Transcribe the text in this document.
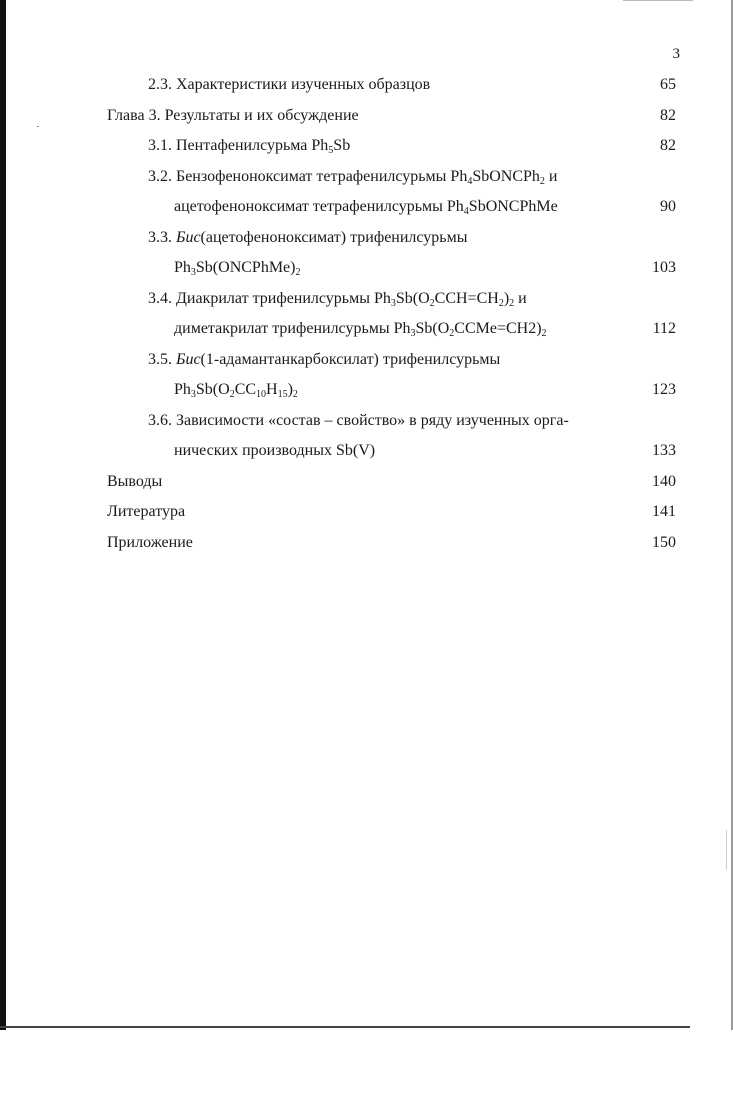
3
2.3. Характеристики изученных образцов	65
Глава 3. Результаты и их обсуждение	82
3.1. Пентафенилсурьма $Ph_5Sb$	82
3.2. Бензофеноноксимат тетрафенилсурьмы $Ph_4SbONCPh_2$ и
ацетофеноноксимат тетрафенилсурьмы $Ph_4SbONCPhMe$	90
3.3. Бис(ацетофеноноксимат) трифенилсурьмы
$Ph_3Sb(ONCPhMe)_2$	103
3.4. Диакрилат трифенилсурьмы $Ph_3Sb(O_2CCH=CH_2)_2$ и
диметакрилат трифенилсурьмы $Ph_3Sb(O_2CCMe=CH2)_2$	112
3.5. Бис(1-адамантанкарбоксилат) трифенилсурьмы
$Ph_3Sb(O_2CC_{10}H_{15})_2$	123
3.6. Зависимости «состав – свойство» в ряду изученных орга-
нических производных Sb(V)	133
Выводы	140
Литература	141
Приложение	150
